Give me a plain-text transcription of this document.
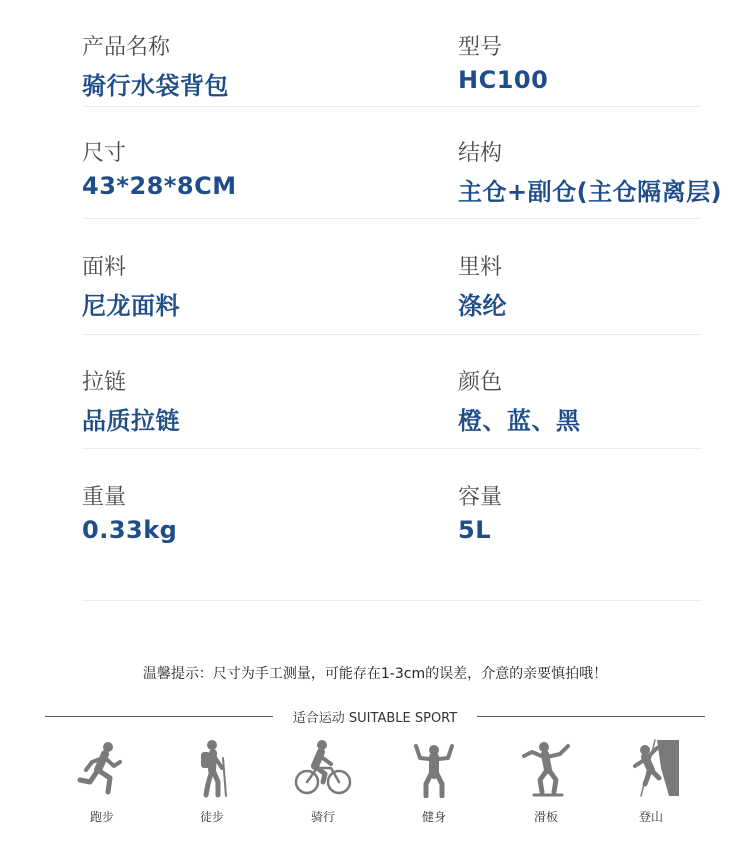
产品名称
骑行水袋背包
型号
HC100
尺寸
43*28*8CM
结构
主仓+副仓(主仓隔离层)
面料
尼龙面料
里料
涤纶
拉链
品质拉链
颜色
橙、蓝、黑
重量
0.33kg
容量
5L
温馨提示：尺寸为手工测量，可能存在1-3cm的误差，介意的亲要慎拍哦！
适合运动 SUITABLE SPORT
跑步	徒步	骑行	健身	滑板	登山
